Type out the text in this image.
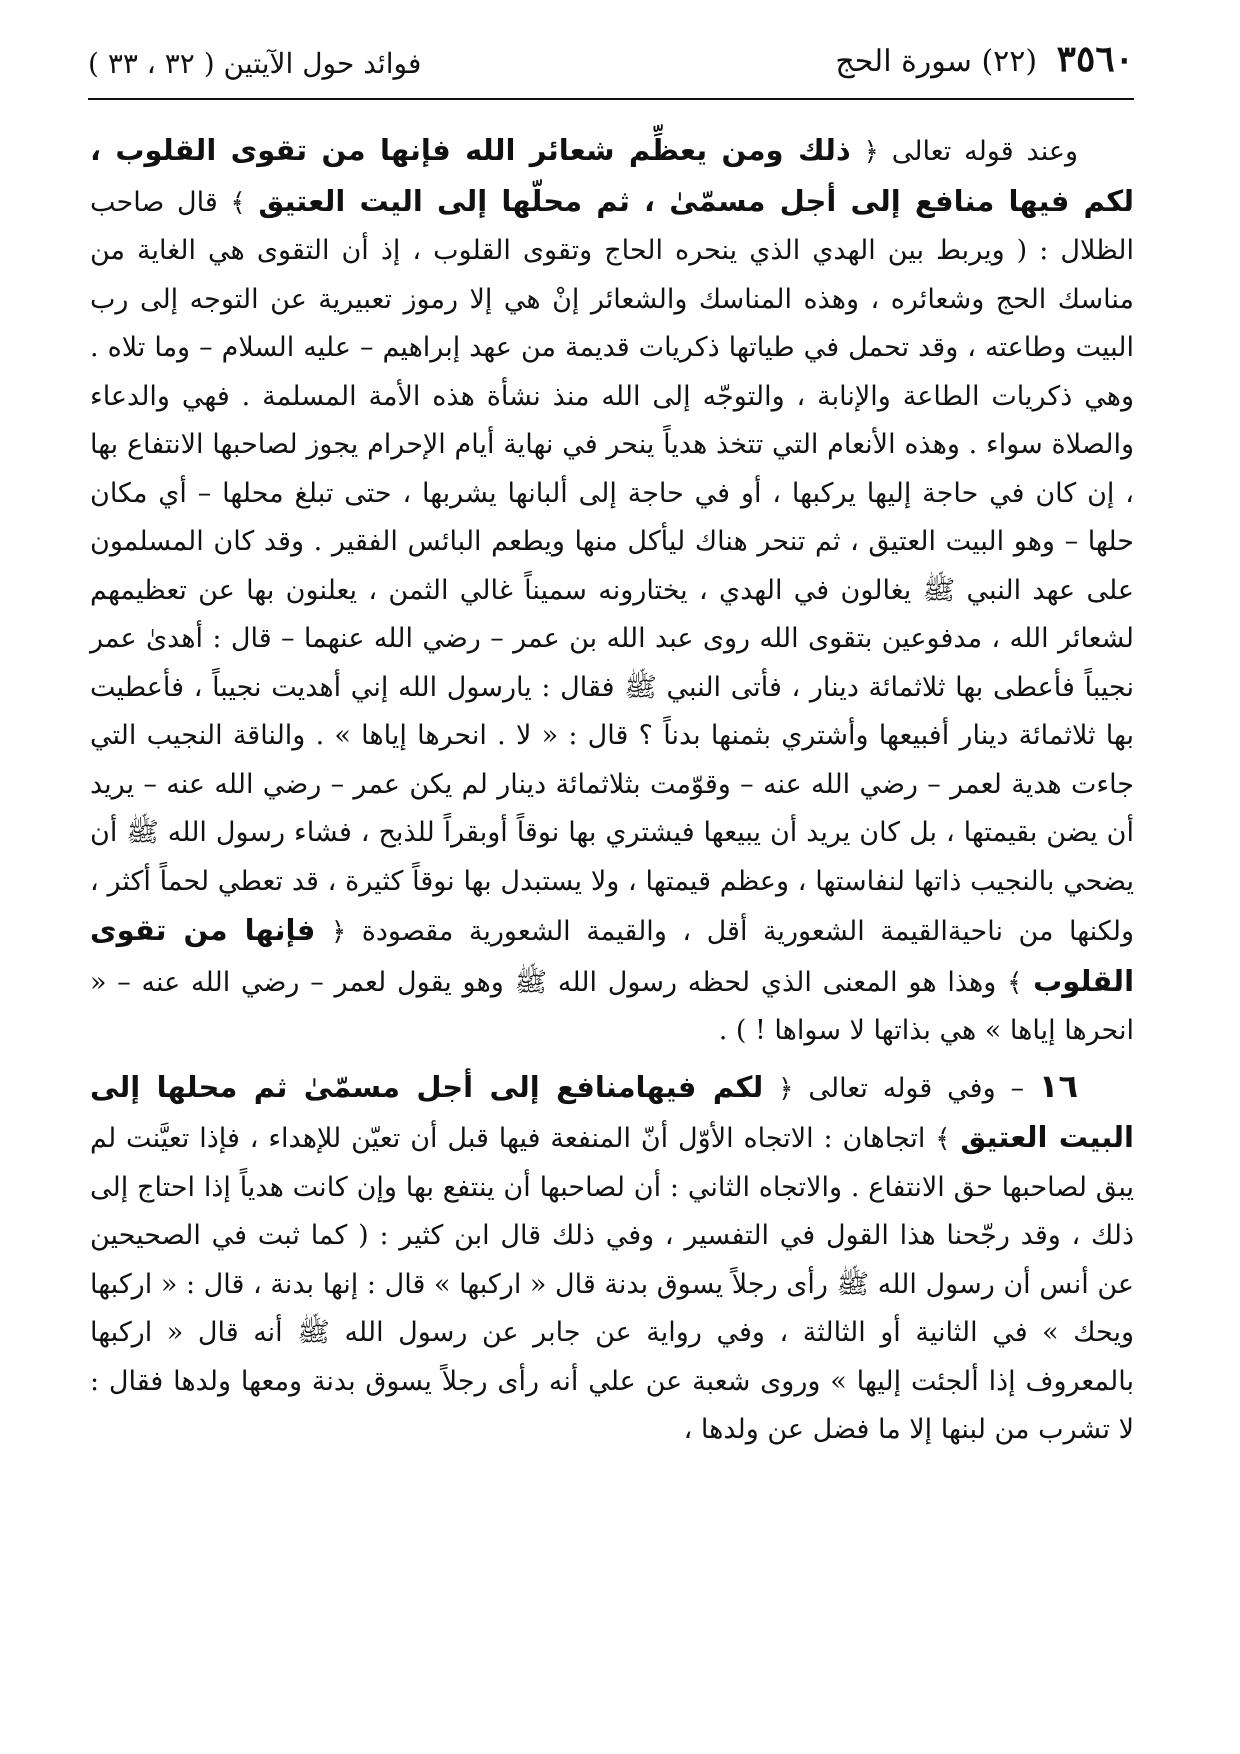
٣٥٦٠ (٢٢) سورة الحج
فوائد حول الآيتين ( ٣٢ ، ٣٣ )

وعند قوله تعالى ﴿ ذلك ومن يعظِّم شعائر الله فإنها من تقوى القلوب ، لكم فيها منافع إلى أجل مسمّىٰ ، ثم محلّها إلى اليت العتيق ﴾ قال صاحب الظلال : ( ويربط بين الهدي الذي ينحره الحاج وتقوى القلوب ، إذ أن التقوى هي الغاية من مناسك الحج وشعائره ، وهذه المناسك والشعائر إنْ هي إلا رموز تعبيرية عن التوجه إلى رب البيت وطاعته ، وقد تحمل في طياتها ذكريات قديمة من عهد إبراهيم – عليه السلام – وما تلاه . وهي ذكريات الطاعة والإنابة ، والتوجّه إلى الله منذ نشأة هذه الأمة المسلمة . فهي والدعاء والصلاة سواء . وهذه الأنعام التي تتخذ هدياً ينحر في نهاية أيام الإحرام يجوز لصاحبها الانتفاع بها ، إن كان في حاجة إليها يركبها ، أو في حاجة إلى ألبانها يشربها ، حتى تبلغ محلها – أي مكان حلها – وهو البيت العتيق ، ثم تنحر هناك ليأكل منها ويطعم البائس الفقير . وقد كان المسلمون على عهد النبي ﷺ يغالون في الهدي ، يختارونه سميناً غالي الثمن ، يعلنون بها عن تعظيمهم لشعائر الله ، مدفوعين بتقوى الله روى عبد الله بن عمر – رضي الله عنهما – قال : أهدىٰ عمر نجيباً فأعطى بها ثلاثمائة دينار ، فأتى النبي ﷺ فقال : يارسول الله إني أهديت نجيباً ، فأعطيت بها ثلاثمائة دينار أفبيعها وأشتري بثمنها بدناً ؟ قال : « لا . انحرها إياها » . والناقة النجيب التي جاءت هدية لعمر – رضي الله عنه – وقوّمت بثلاثمائة دينار لم يكن عمر – رضي الله عنه – يريد أن يضن بقيمتها ، بل كان يريد أن يبيعها فيشتري بها نوقاً أوبقراً للذبح ، فشاء رسول الله ﷺ أن يضحي بالنجيب ذاتها لنفاستها ، وعظم قيمتها ، ولا يستبدل بها نوقاً كثيرة ، قد تعطي لحماً أكثر ، ولكنها من ناحيةالقيمة الشعورية أقل ، والقيمة الشعورية مقصودة ﴿ فإنها من تقوى القلوب ﴾ وهذا هو المعنى الذي لحظه رسول الله ﷺ وهو يقول لعمر – رضي الله عنه – « انحرها إياها » هي بذاتها لا سواها ! ) .

١٦ – وفي قوله تعالى ﴿ لكم فيهامنافع إلى أجل مسمّىٰ ثم محلها إلى البيت العتيق ﴾ اتجاهان : الاتجاه الأوّل أنّ المنفعة فيها قبل أن تعيّن للإهداء ، فإذا تعيَّنت لم يبق لصاحبها حق الانتفاع . والاتجاه الثاني : أن لصاحبها أن ينتفع بها وإن كانت هدياً إذا احتاج إلى ذلك ، وقد رجّحنا هذا القول في التفسير ، وفي ذلك قال ابن كثير : ( كما ثبت في الصحيحين عن أنس أن رسول الله ﷺ رأى رجلاً يسوق بدنة قال « اركبها » قال : إنها بدنة ، قال : « اركبها ويحك » في الثانية أو الثالثة ، وفي رواية عن جابر عن رسول الله ﷺ أنه قال « اركبها بالمعروف إذا ألجئت إليها » وروى شعبة عن علي أنه رأى رجلاً يسوق بدنة ومعها ولدها فقال : لا تشرب من لبنها إلا ما فضل عن ولدها ،
